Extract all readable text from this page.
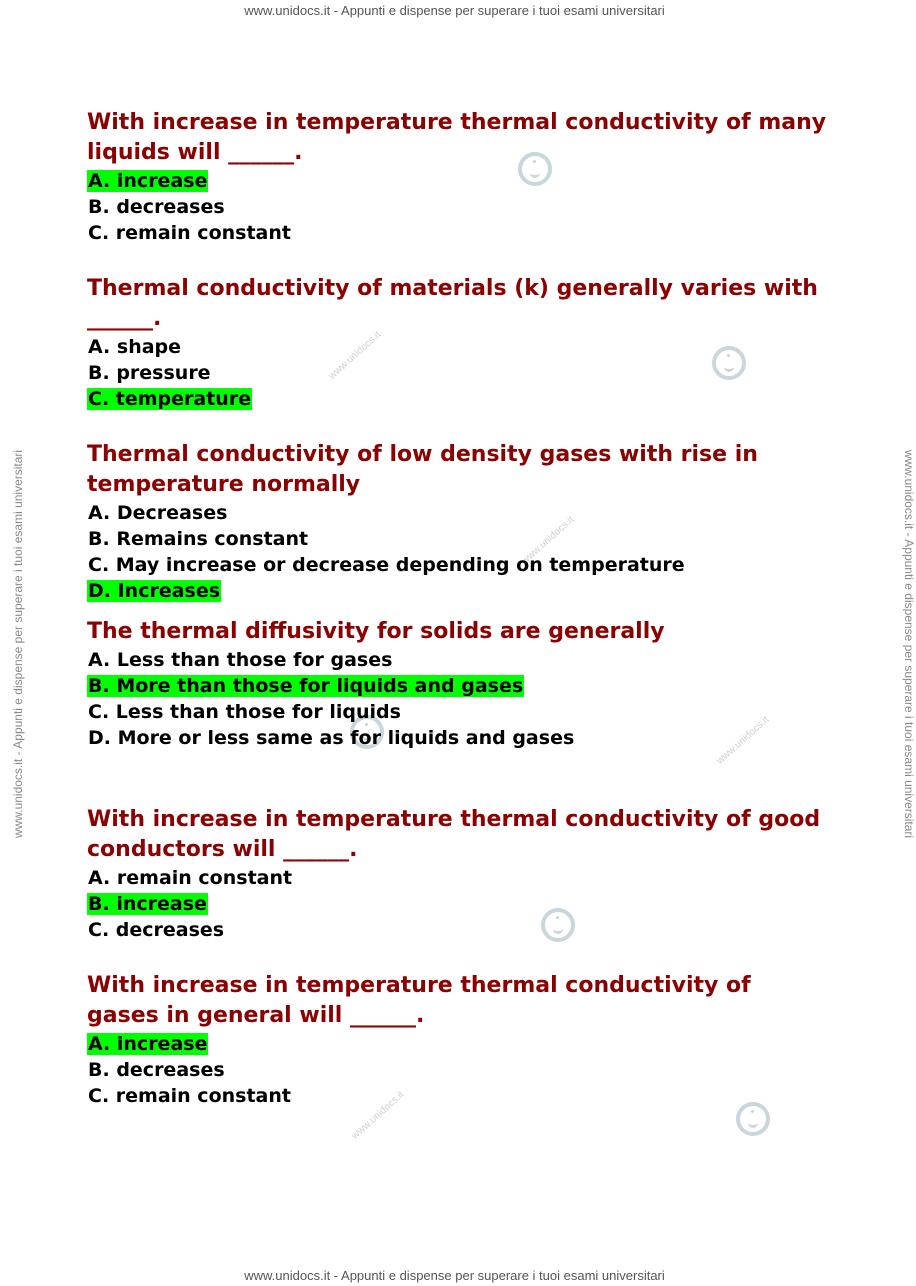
www.unidocs.it - Appunti e dispense per superare i tuoi esami universitari
www.unidocs.it - Appunti e dispense per superare i tuoi esami universitari
www.unidocs.it - Appunti e dispense per superare i tuoi esami universitari	www.unidocs.it - Appunti e dispense per superare i tuoi esami universitari
www.unidocs.it
www.unidocs.it
www.unidocs.it
www.unidocs.it

With increase in temperature thermal conductivity of many liquids will ______.

A. increase
B. decreases
C. remain constant

Thermal conductivity of materials (k) generally varies with ______.

A. shape
B. pressure
C. temperature

Thermal conductivity of low density gases with rise in temperature normally

A. Decreases
B. Remains constant
C. May increase or decrease depending on temperature
D. Increases

The thermal diffusivity for solids are generally

A. Less than those for gases
B. More than those for liquids and gases
C. Less than those for liquids
D. More or less same as for liquids and gases

With increase in temperature thermal conductivity of good conductors will ______.

A. remain constant
B. increase
C. decreases

With increase in temperature thermal conductivity of gases in general will ______.

A. increase
B. decreases
C. remain constant
